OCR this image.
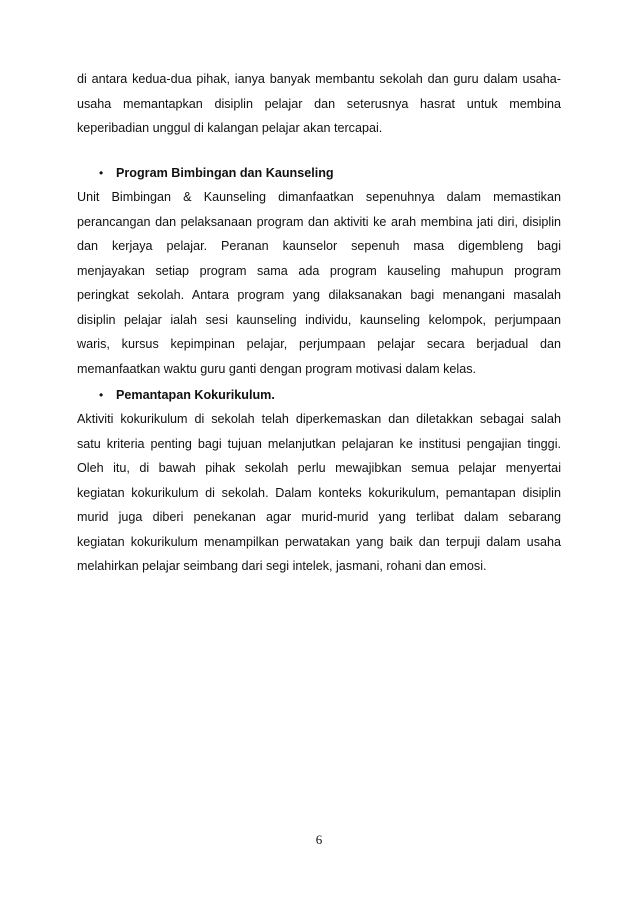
di antara kedua-dua pihak, ianya banyak membantu sekolah dan guru dalam usaha-
usaha memantapkan disiplin pelajar dan seterusnya hasrat untuk membina
keperibadian unggul di kalangan pelajar akan tercapai.
• Program Bimbingan dan Kaunseling
Unit Bimbingan & Kaunseling dimanfaatkan sepenuhnya dalam memastikan
perancangan dan pelaksanaan program dan aktiviti ke arah membina jati diri, disiplin
dan kerjaya pelajar. Peranan kaunselor sepenuh masa digembleng bagi
menjayakan setiap program sama ada program kauseling mahupun program
peringkat sekolah. Antara program yang dilaksanakan bagi menangani masalah
disiplin pelajar ialah sesi kaunseling individu, kaunseling kelompok, perjumpaan
waris, kursus kepimpinan pelajar, perjumpaan pelajar secara berjadual dan
memanfaatkan waktu guru ganti dengan program motivasi dalam kelas.
• Pemantapan Kokurikulum.
Aktiviti kokurikulum di sekolah telah diperkemaskan dan diletakkan sebagai salah
satu kriteria penting bagi tujuan melanjutkan pelajaran ke institusi pengajian tinggi.
Oleh itu, di bawah pihak sekolah perlu mewajibkan semua pelajar menyertai
kegiatan kokurikulum di sekolah. Dalam konteks kokurikulum, pemantapan disiplin
murid juga diberi penekanan agar murid-murid yang terlibat dalam sebarang
kegiatan kokurikulum menampilkan perwatakan yang baik dan terpuji dalam usaha
melahirkan pelajar seimbang dari segi intelek, jasmani, rohani dan emosi.
6
